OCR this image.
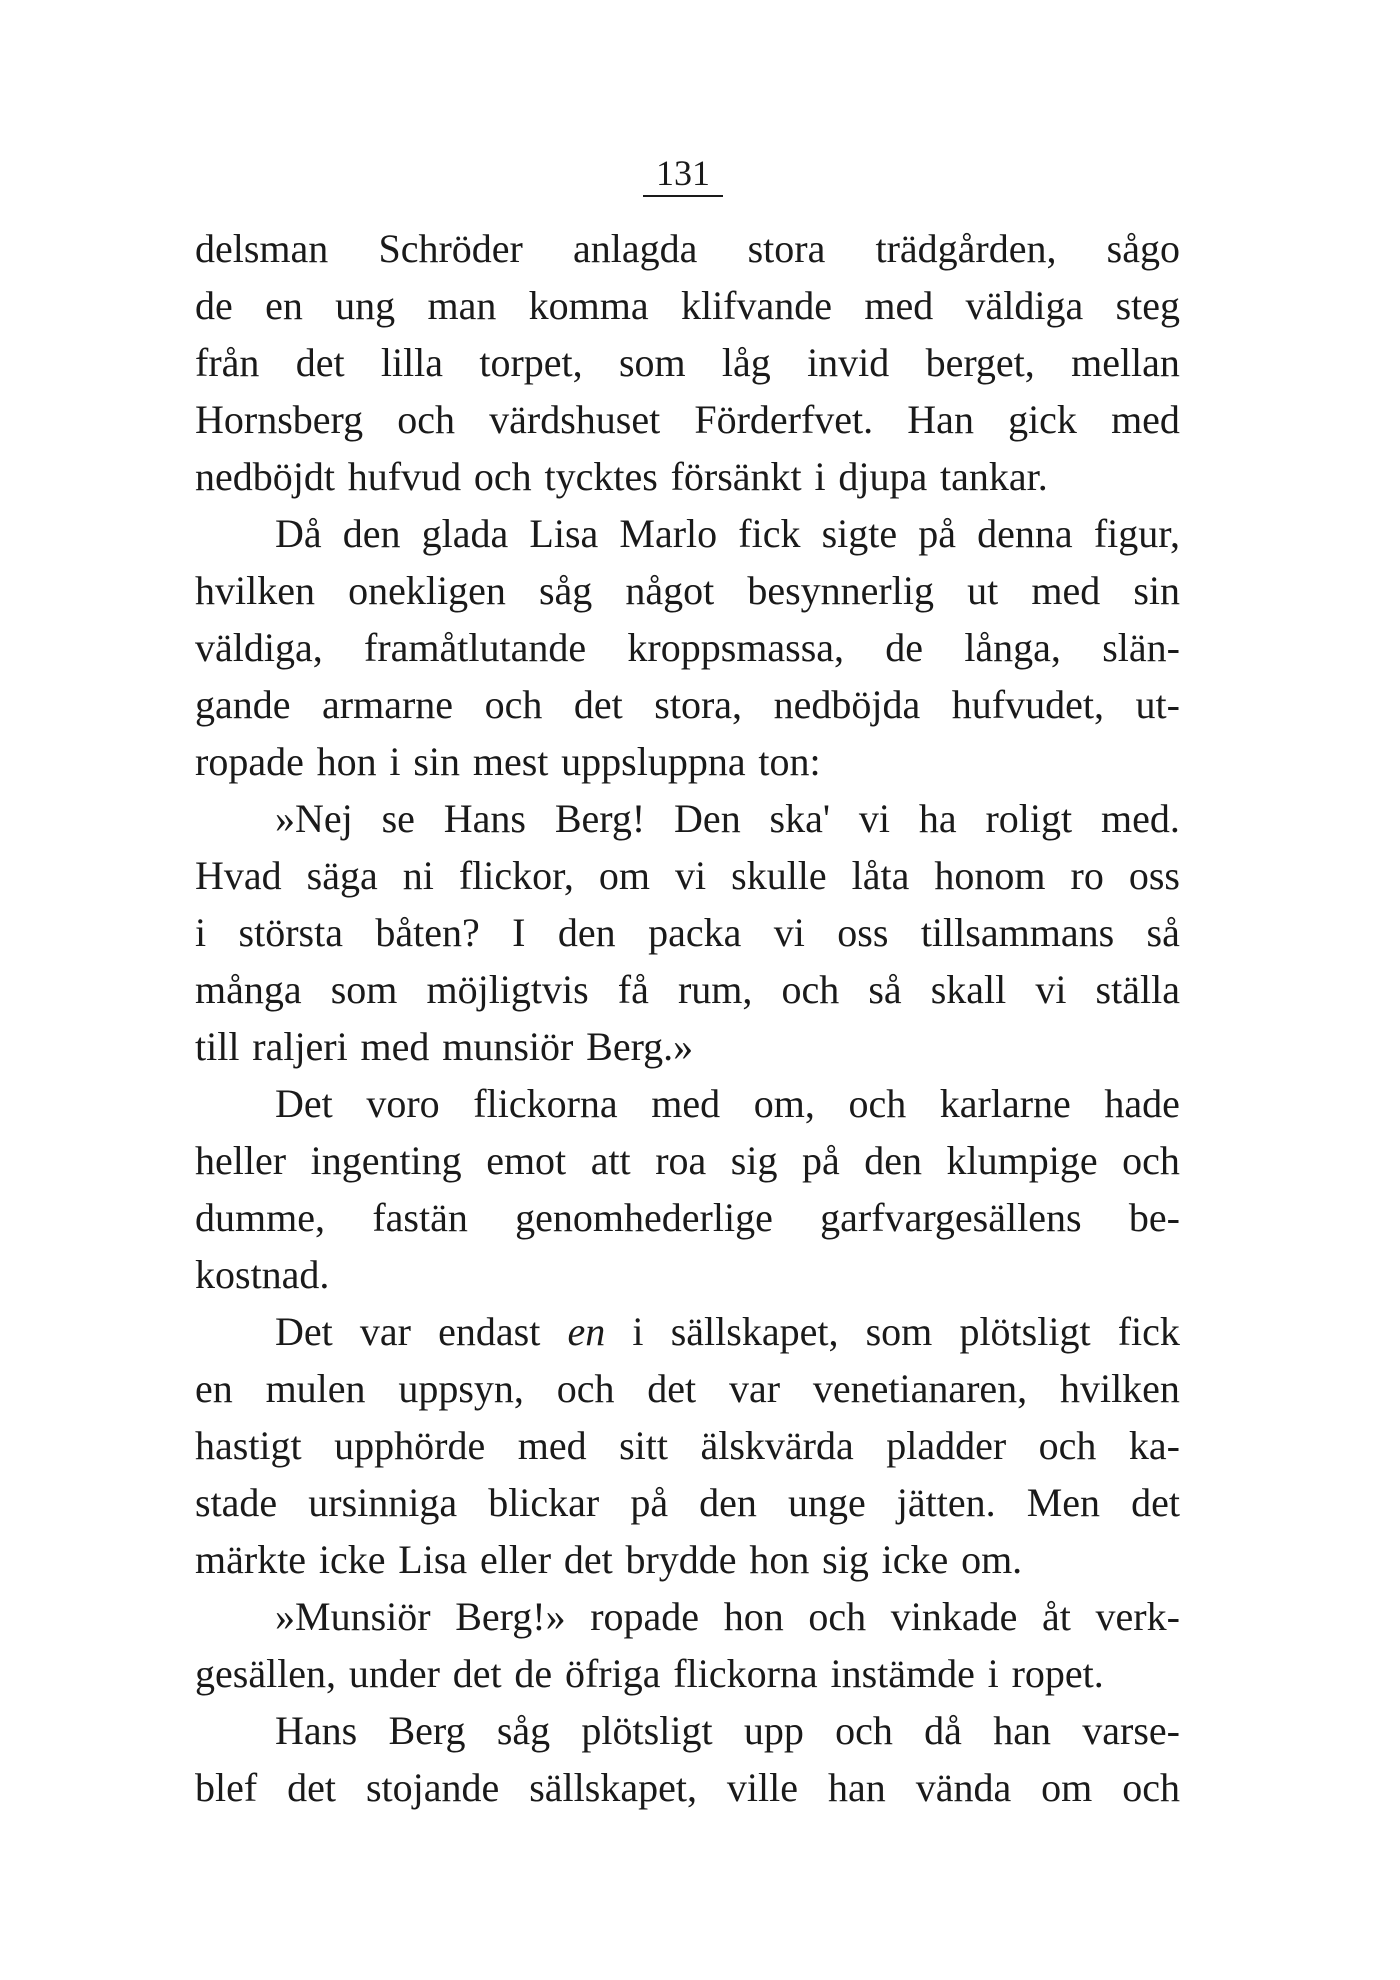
131
delsman Schröder anlagda stora trädgården, sågo
de en ung man komma klifvande med väldiga steg
från det lilla torpet, som låg invid berget, mellan
Hornsberg och värdshuset Förderfvet. Han gick med
nedböjdt hufvud och tycktes försänkt i djupa tankar.
Då den glada Lisa Marlo fick sigte på denna figur,
hvilken onekligen såg något besynnerlig ut med sin
väldiga, framåtlutande kroppsmassa, de långa, slän-
gande armarne och det stora, nedböjda hufvudet, ut-
ropade hon i sin mest uppsluppna ton:
»Nej se Hans Berg! Den ska' vi ha roligt med.
Hvad säga ni flickor, om vi skulle låta honom ro oss
i största båten? I den packa vi oss tillsammans så
många som möjligtvis få rum, och så skall vi ställa
till raljeri med munsiör Berg.»
Det voro flickorna med om, och karlarne hade
heller ingenting emot att roa sig på den klumpige och
dumme, fastän genomhederlige garfvargesällens be-
kostnad.
Det var endast en i sällskapet, som plötsligt fick
en mulen uppsyn, och det var venetianaren, hvilken
hastigt upphörde med sitt älskvärda pladder och ka-
stade ursinniga blickar på den unge jätten. Men det
märkte icke Lisa eller det brydde hon sig icke om.
»Munsiör Berg!» ropade hon och vinkade åt verk-
gesällen, under det de öfriga flickorna instämde i ropet.
Hans Berg såg plötsligt upp och då han varse-
blef det stojande sällskapet, ville han vända om och
